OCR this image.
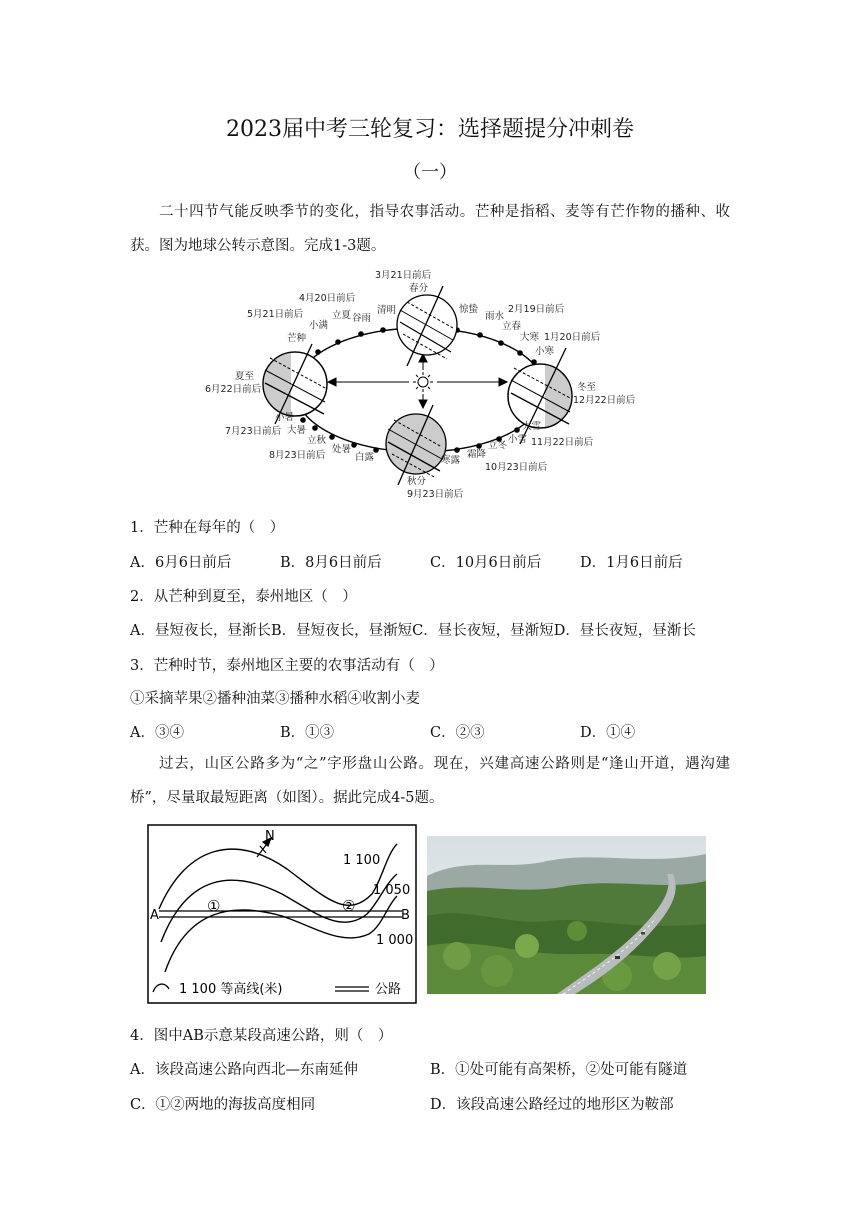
2023届中考三轮复习：选择题提分冲刺卷
（一）
二十四节气能反映季节的变化，指导农事活动。芒种是指稻、麦等有芒作物的播种、收获。图为地球公转示意图。完成1-3题。
3月21日前后
春分
4月20日前后
清明
谷雨
立夏
5月21日前后
小满
芒种
夏至
6月22日前后
小暑
大暑
7月23日前后
立秋
处暑
8月23日前后	白露
秋分
9月23日前后
寒露
霜降
10月23日前后
立冬
小雪 11月22日前后
大雪
冬至
12月22日前后
小寒
大寒 1月20日前后
立春
雨水
2月19日前后
惊蛰
1．芒种在每年的（　）
A．6月6日前后	B．8月6日前后	C．10月6日前后	D．1月6日前后
2．从芒种到夏至，泰州地区（　）
A．昼短夜长，昼渐长B．昼短夜长，昼渐短C．昼长夜短，昼渐短D．昼长夜短，昼渐长
3．芒种时节，泰州地区主要的农事活动有（　）
①采摘苹果②播种油菜③播种水稻④收割小麦
A．③④	B．①③	C．②③	D．①④
过去，山区公路多为“之”字形盘山公路。现在，兴建高速公路则是“逢山开道，遇沟建桥”，尽量取最短距离（如图）。据此完成4-5题。
N
1 100
1 050
1 000
A	B
①	②
1 100 等高线(米)	公路
4．图中AB示意某段高速公路，则（　）
A．该段高速公路向西北—东南延伸	B．①处可能有高架桥，②处可能有隧道
C．①②两地的海拔高度相同	D．该段高速公路经过的地形区为鞍部
